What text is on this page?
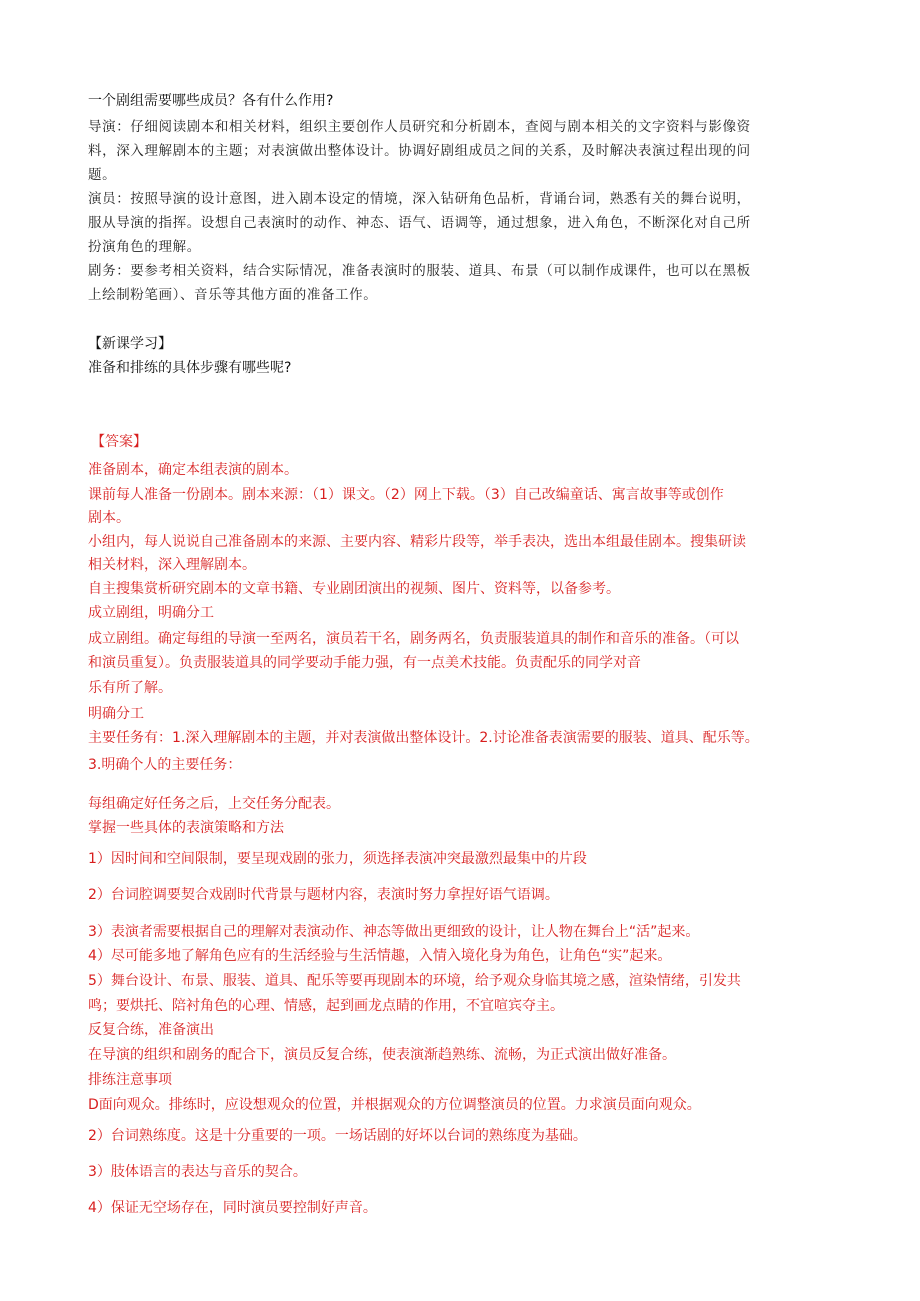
一个剧组需要哪些成员？各有什么作用?

导演：仔细阅读剧本和相关材料，组织主要创作人员研究和分析剧本，查阅与剧本相关的文字资料与影像资

料，深入理解剧本的主题；对表演做出整体设计。协调好剧组成员之间的关系，及时解决表演过程出现的问

题。

演员：按照导演的设计意图，进入剧本设定的情境，深入钻研角色品析，背诵台词，熟悉有关的舞台说明，

服从导演的指挥。设想自己表演时的动作、神态、语气、语调等，通过想象，进入角色，不断深化对自己所

扮演角色的理解。

剧务：要参考相关资料，结合实际情况，准备表演时的服装、道具、布景（可以制作成课件，也可以在黑板

上绘制粉笔画）、音乐等其他方面的准备工作。

【新课学习】

准备和排练的具体步骤有哪些呢?

【答案】

准备剧本，确定本组表演的剧本。

课前每人准备一份剧本。剧本来源：（1）课文。（2）网上下载。（3）自己改编童话、寓言故事等或创作

剧本。

小组内，每人说说自己准备剧本的来源、主要内容、精彩片段等，举手表决，选出本组最佳剧本。搜集研读

相关材料，深入理解剧本。

自主搜集赏析研究剧本的文章书籍、专业剧团演出的视频、图片、资料等，以备参考。

成立剧组，明确分工

成立剧组。确定每组的导演一至两名，演员若干名，剧务两名，负责服装道具的制作和音乐的准备。（可以

和演员重复）。负责服装道具的同学要动手能力强，有一点美术技能。负责配乐的同学对音

乐有所了解。

明确分工

主要任务有：1.深入理解剧本的主题，并对表演做出整体设计。2.讨论准备表演需要的服装、道具、配乐等。

3.明确个人的主要任务：

每组确定好任务之后，上交任务分配表。

掌握一些具体的表演策略和方法

1）因时间和空间限制，要呈现戏剧的张力，须选择表演冲突最激烈最集中的片段

2）台词腔调要契合戏剧时代背景与题材内容，表演时努力拿捏好语气语调。

3）表演者需要根据自己的理解对表演动作、神态等做出更细致的设计，让人物在舞台上“活”起来。

4）尽可能多地了解角色应有的生活经验与生活情趣，入情入境化身为角色，让角色“实”起来。

5）舞台设计、布景、服装、道具、配乐等要再现剧本的环境，给予观众身临其境之感，渲染情绪，引发共

鸣；要烘托、陪衬角色的心理、情感，起到画龙点睛的作用，不宜喧宾夺主。

反复合练，准备演出

在导演的组织和剧务的配合下，演员反复合练，使表演渐趋熟练、流畅，为正式演出做好准备。

排练注意事项

D面向观众。排练时，应设想观众的位置，并根据观众的方位调整演员的位置。力求演员面向观众。

2）台词熟练度。这是十分重要的一项。一场话剧的好坏以台词的熟练度为基础。

3）肢体语言的表达与音乐的契合。

4）保证无空场存在，同时演员要控制好声音。
